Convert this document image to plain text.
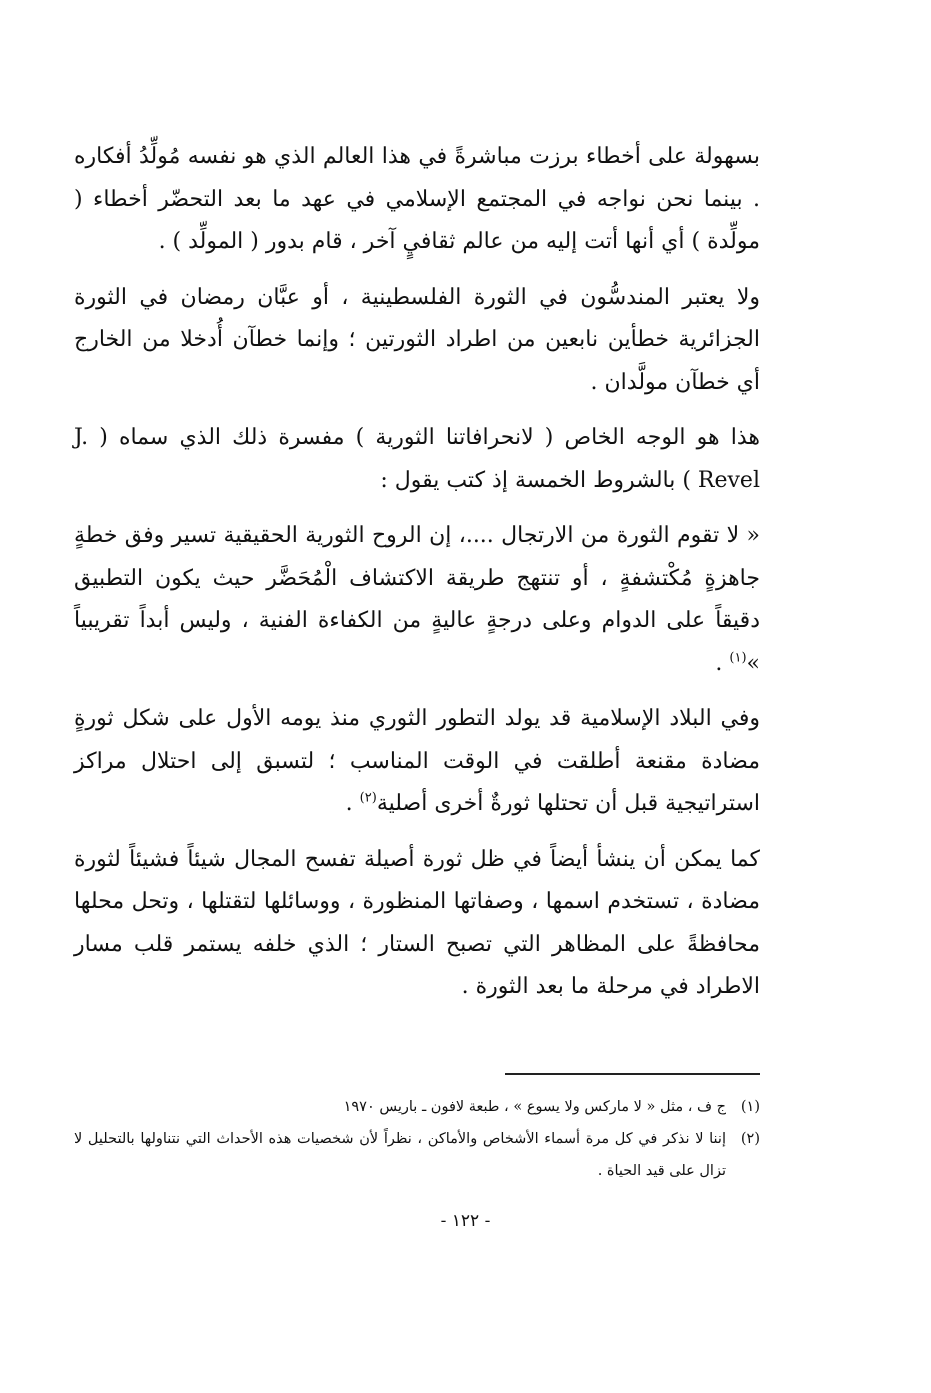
بسهولة على أخطاء برزت مباشرةً في هذا العالم الذي هو نفسه مُولِّدُ أفكاره . بينما نحن نواجه في المجتمع الإسلامي في عهد ما بعد التحضّر أخطاء ( مولِّدة ) أي أنها أتت إليه من عالم ثقافيٍ آخر ، قام بدور ( المولِّد ) .

ولا يعتبر المندسُّون في الثورة الفلسطينية ، أو عبَّان رمضان في الثورة الجزائرية خطأين نابعين من اطراد الثورتين ؛ وإنما خطآن أُدخلا من الخارج أي خطآن مولَّدان .

هذا هو الوجه الخاص ( لانحرافاتنا الثورية ) مفسرة ذلك الذي سماه ( J. Revel ) بالشروط الخمسة إذ كتب يقول :

« لا تقوم الثورة من الارتجال ....، إن الروح الثورية الحقيقية تسير وفق خطةٍ جاهزةٍ مُكْتشفةٍ ، أو تنتهج طريقة الاكتشاف الْمُحَضَّر حيث يكون التطبيق دقيقاً على الدوام وعلى درجةٍ عاليةٍ من الكفاءة الفنية ، وليس أبداً تقريبياً »$^{(١)}$ .

وفي البلاد الإسلامية قد يولد التطور الثوري منذ يومه الأول على شكل ثورةٍ مضادة مقنعة أطلقت في الوقت المناسب ؛ لتسبق إلى احتلال مراكز استراتيجية قبل أن تحتلها ثورةٌ أخرى أصلية$^{(٢)}$ .

كما يمكن أن ينشأ أيضاً في ظل ثورة أصيلة تفسح المجال شيئاً فشيئاً لثورة مضادة ، تستخدم اسمها ، وصفاتها المنظورة ، ووسائلها لتقتلها ، وتحل محلها محافظةً على المظاهر التي تصبح الستار ؛ الذي خلفه يستمر قلب مسار الاطراد في مرحلة ما بعد الثورة .

(١)
ج ف ، مثل « لا ماركس ولا يسوع » ، طبعة لافون ـ باريس ١٩٧٠
(٢)
إننا لا نذكر في كل مرة أسماء الأشخاص والأماكن ، نظراً لأن شخصيات هذه الأحداث التي نتناولها بالتحليل لا تزال على قيد الحياة .
- ١٢٢ -
